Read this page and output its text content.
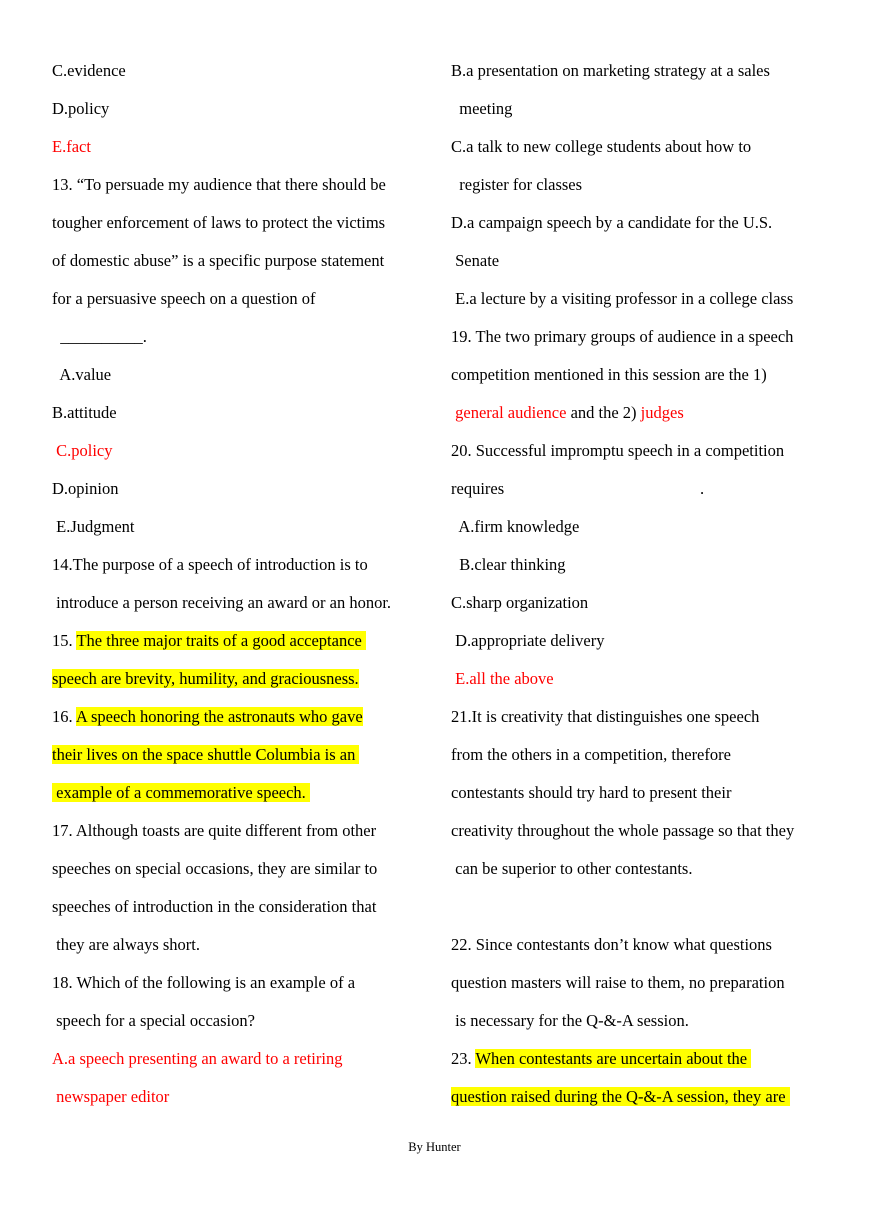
C.evidence
D.policy
E.fact
13. “To persuade my audience that there should be
tougher enforcement of laws to protect the victims
of domestic abuse” is a specific purpose statement
for a persuasive speech on a question of
__________.
A.value
B.attitude
C.policy
D.opinion
E.Judgment
14.The purpose of a speech of introduction is to
introduce a person receiving an award or an honor.
15. The three major traits of a good acceptance
speech are brevity, humility, and graciousness.
16. A speech honoring the astronauts who gave
their lives on the space shuttle Columbia is an
example of a commemorative speech.
17. Although toasts are quite different from other
speeches on special occasions, they are similar to
speeches of introduction in the consideration that
they are always short.
18. Which of the following is an example of a
speech for a special occasion?
A.a speech presenting an award to a retiring
newspaper editor
B.a presentation on marketing strategy at a sales
meeting
C.a talk to new college students about how to
register for classes
D.a campaign speech by a candidate for the U.S.
Senate
E.a lecture by a visiting professor in a college class
19. The two primary groups of audience in a speech
competition mentioned in this session are the 1)
general audience and the 2) judges
20. Successful impromptu speech in a competition
requires	.
A.firm knowledge
B.clear thinking
C.sharp organization
D.appropriate delivery
E.all the above
21.It is creativity that distinguishes one speech
from the others in a competition, therefore
contestants should try hard to present their
creativity throughout the whole passage so that they
can be superior to other contestants.
22. Since contestants don’t know what questions
question masters will raise to them, no preparation
is necessary for the Q-&-A session.
23. When contestants are uncertain about the
question raised during the Q-&-A session, they are
By Hunter
